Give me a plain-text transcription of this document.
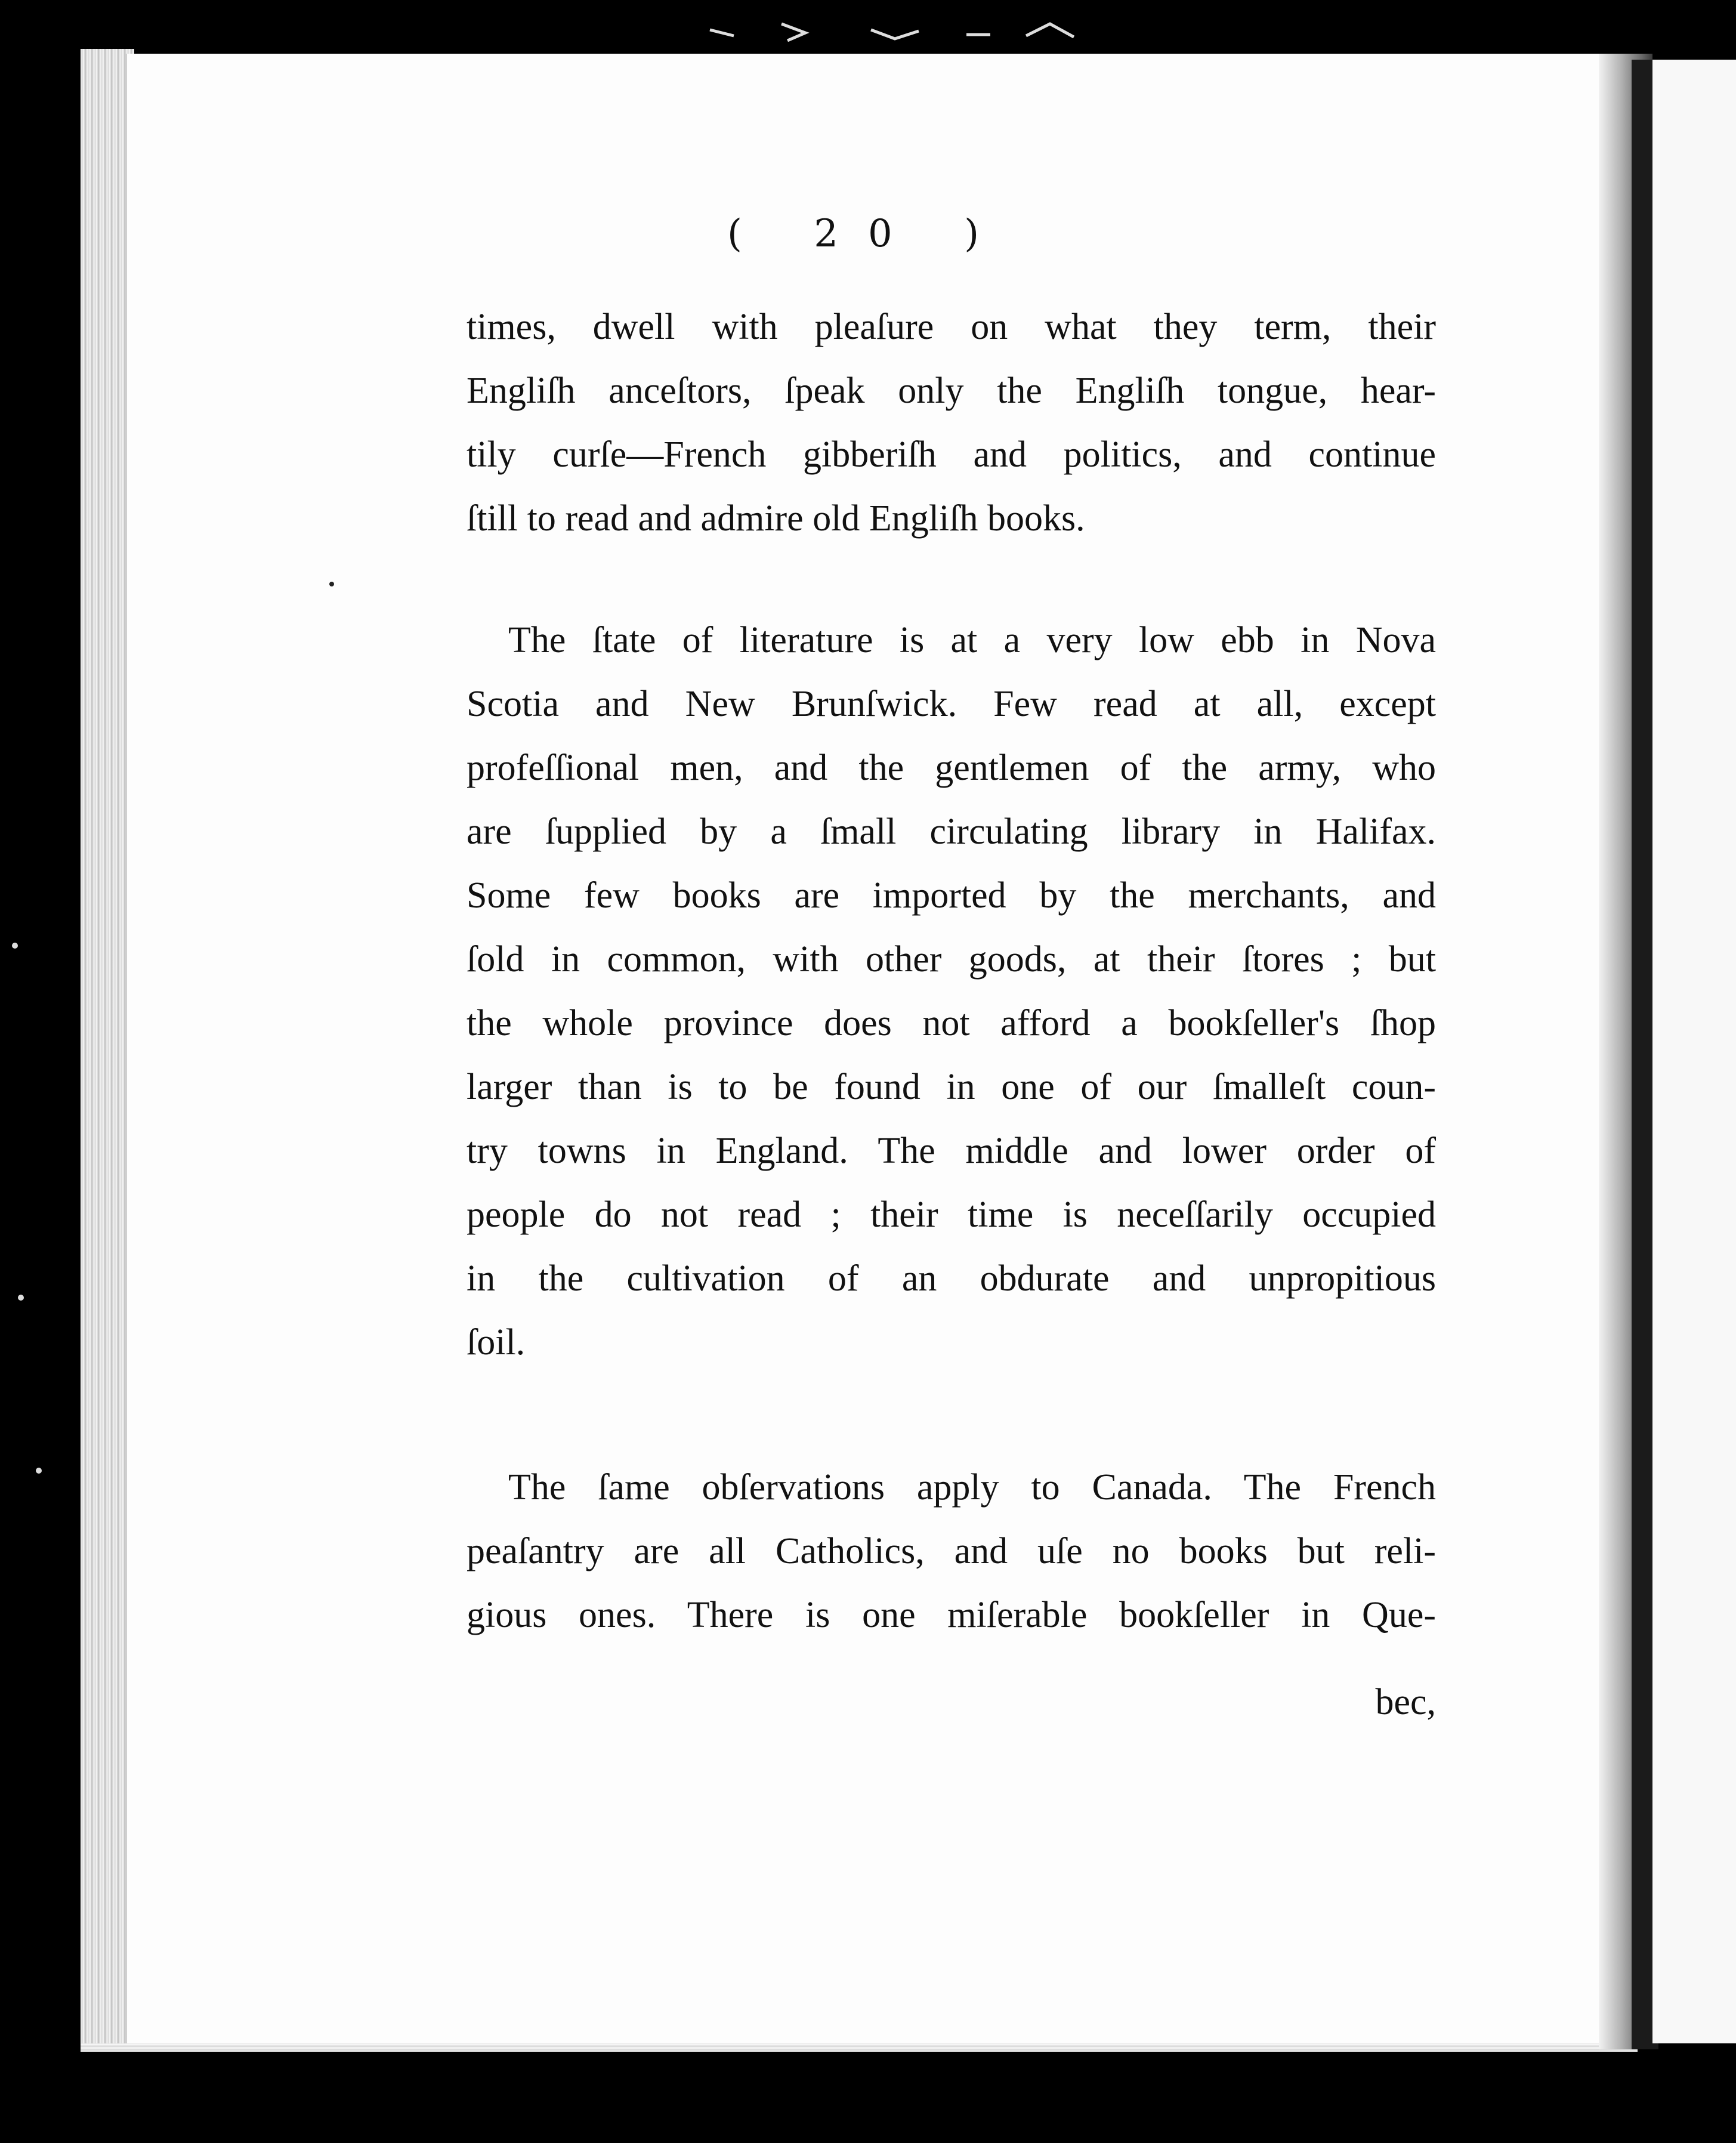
( 20 )
times, dwell with pleaſure on what they term, their
Engliſh anceſtors, ſpeak only the Engliſh tongue, hear-
tily curſe—French gibberiſh and politics, and continue
ſtill to read and admire old Engliſh books.
The ſtate of literature is at a very low ebb in Nova
Scotia and New Brunſwick. Few read at all, except
profeſſional men, and the gentlemen of the army, who
are ſupplied by a ſmall circulating library in Halifax.
Some few books are imported by the merchants, and
ſold in common, with other goods, at their ſtores ; but
the whole province does not afford a bookſeller's ſhop
larger than is to be found in one of our ſmalleſt coun-
try towns in England. The middle and lower order of
people do not read ; their time is neceſſarily occupied
in the cultivation of an obdurate and unpropitious
ſoil.
The ſame obſervations apply to Canada. The French
peaſantry are all Catholics, and uſe no books but reli-
gious ones. There is one miſerable bookſeller in Que-
bec,
